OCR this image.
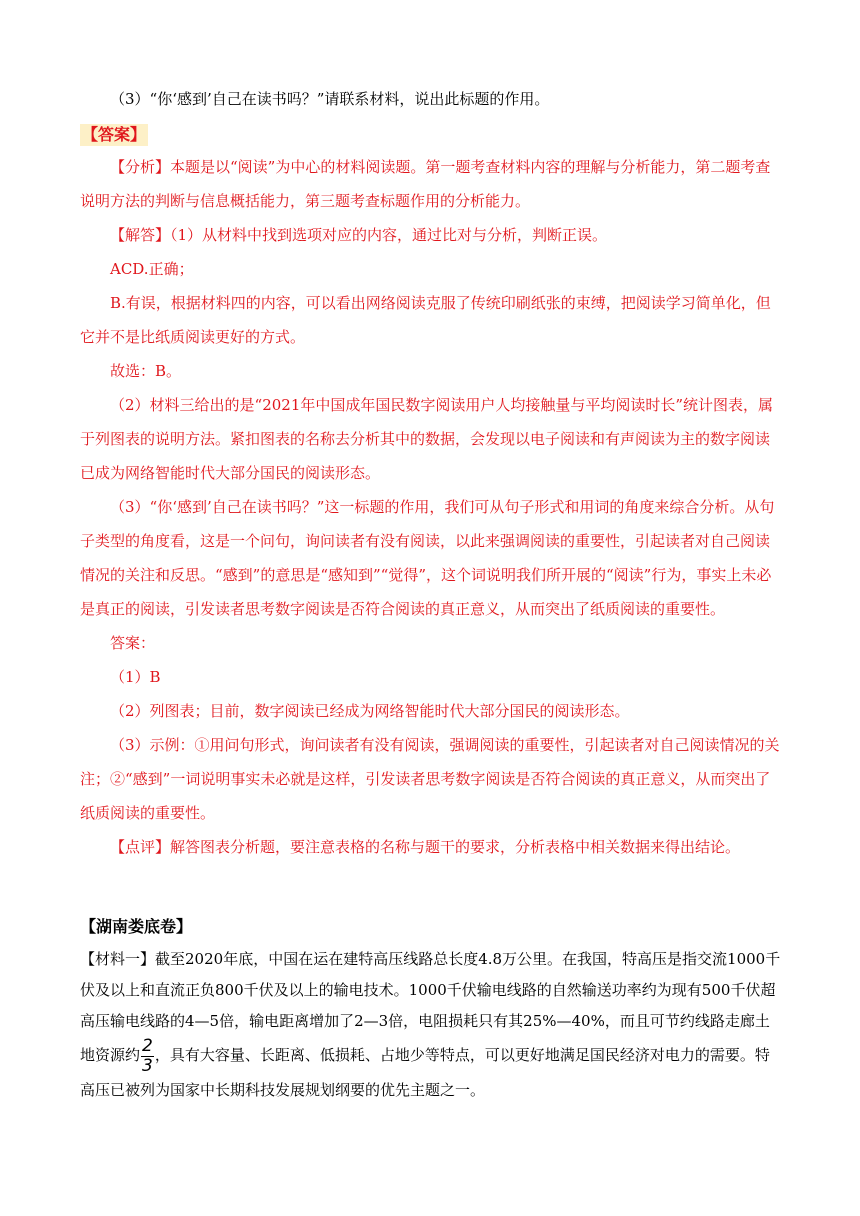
（3）“你‘感到’自己在读书吗？”请联系材料，说出此标题的作用。

【答案】

【分析】本题是以“阅读”为中心的材料阅读题。第一题考查材料内容的理解与分析能力，第二题考查说明方法的判断与信息概括能力，第三题考查标题作用的分析能力。

【解答】（1）从材料中找到选项对应的内容，通过比对与分析，判断正误。

ACD.正确；

B.有误，根据材料四的内容，可以看出网络阅读克服了传统印刷纸张的束缚，把阅读学习简单化，但它并不是比纸质阅读更好的方式。

故选：B。

（2）材料三给出的是“2021年中国成年国民数字阅读用户人均接触量与平均阅读时长”统计图表，属于列图表的说明方法。紧扣图表的名称去分析其中的数据，会发现以电子阅读和有声阅读为主的数字阅读已成为网络智能时代大部分国民的阅读形态。

（3）“你‘感到’自己在读书吗？”这一标题的作用，我们可从句子形式和用词的角度来综合分析。从句子类型的角度看，这是一个问句，询问读者有没有阅读，以此来强调阅读的重要性，引起读者对自己阅读情况的关注和反思。“感到”的意思是“感知到”“觉得”，这个词说明我们所开展的“阅读”行为，事实上未必是真正的阅读，引发读者思考数字阅读是否符合阅读的真正意义，从而突出了纸质阅读的重要性。

答案：

（1）B

（2）列图表；目前，数字阅读已经成为网络智能时代大部分国民的阅读形态。

（3）示例：①用问句形式，询问读者有没有阅读，强调阅读的重要性，引起读者对自己阅读情况的关注；②“感到”一词说明事实未必就是这样，引发读者思考数字阅读是否符合阅读的真正意义，从而突出了纸质阅读的重要性。

【点评】解答图表分析题，要注意表格的名称与题干的要求，分析表格中相关数据来得出结论。

【湖南娄底卷】

【材料一】截至2020年底，中国在运在建特高压线路总长度4.8万公里。在我国，特高压是指交流1000千伏及以上和直流正负800千伏及以上的输电技术。1000千伏输电线路的自然输送功率约为现有500千伏超高压输电线路的4—5倍，输电距离增加了2—3倍，电阻损耗只有其25%—40%，而且可节约线路走廊土地资源约 $\frac{2}{3}$ ，具有大容量、长距离、低损耗、占地少等特点，可以更好地满足国民经济对电力的需要。特高压已被列为国家中长期科技发展规划纲要的优先主题之一。
